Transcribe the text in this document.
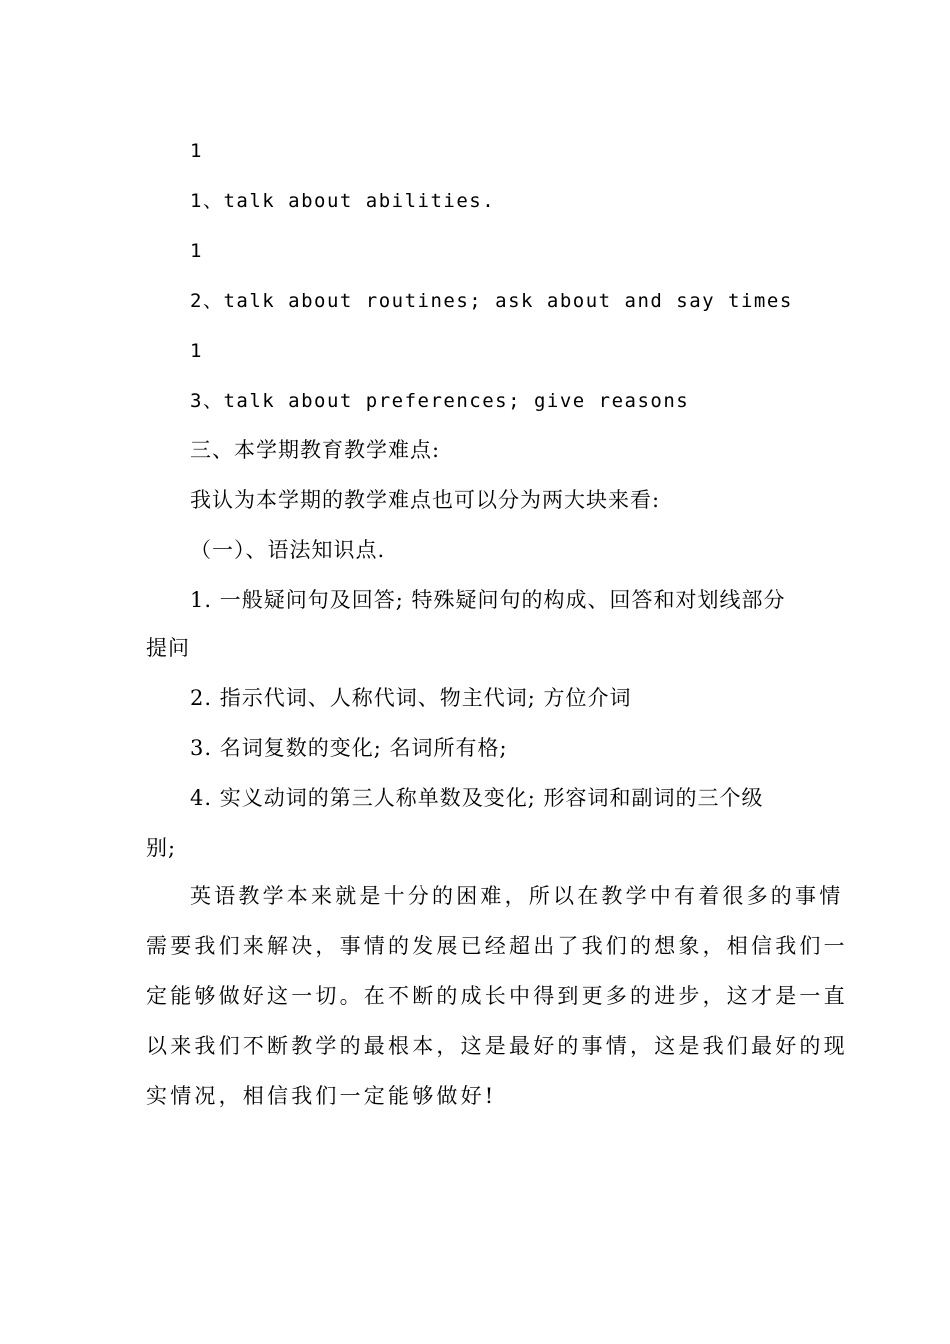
1
1、talk about abilities.
1
2、talk about routines; ask about and say times
1
3、talk about preferences; give reasons
三、本学期教育教学难点:
我认为本学期的教学难点也可以分为两大块来看:
（一）、语法知识点.
1. 一般疑问句及回答; 特殊疑问句的构成、回答和对划线部分
提问
2. 指示代词、人称代词、物主代词; 方位介词
3. 名词复数的变化; 名词所有格;
4. 实义动词的第三人称单数及变化; 形容词和副词的三个级
别;
英语教学本来就是十分的困难，所以在教学中有着很多的事情
需要我们来解决，事情的发展已经超出了我们的想象，相信我们一
定能够做好这一切。在不断的成长中得到更多的进步，这才是一直
以来我们不断教学的最根本，这是最好的事情，这是我们最好的现
实情况，相信我们一定能够做好!
